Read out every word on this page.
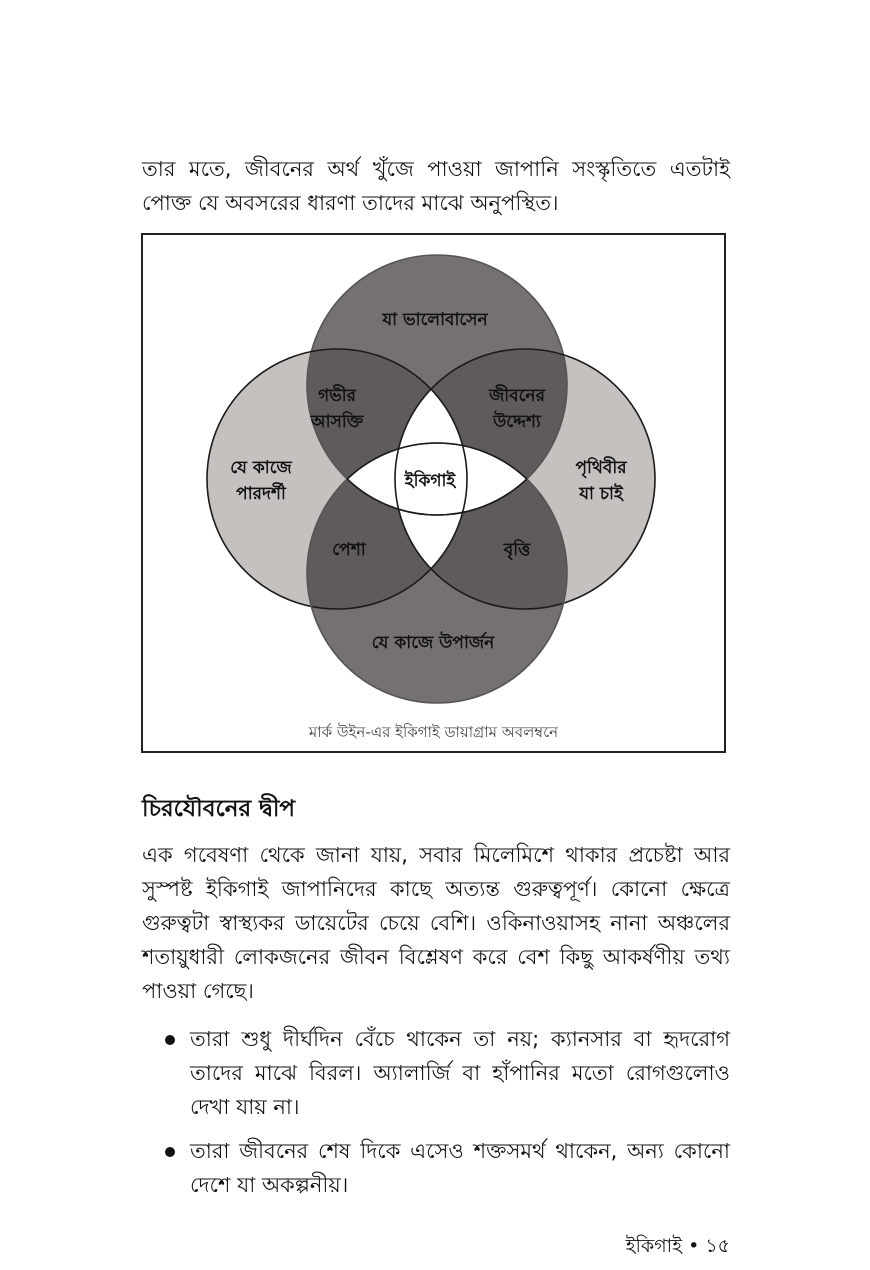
তার মতে, জীবনের অর্থ খুঁজে পাওয়া জাপানি সংস্কৃতিতে এতটাই পোক্ত যে অবসরের ধারণা তাদের মাঝে অনুপস্থিত।

যা ভালোবাসেন
গভীর
আসক্তি
জীবনের
উদ্দেশ্য
যে কাজে
পারদর্শী
পৃথিবীর
যা চাই
ইকিগাই
পেশা	বৃত্তি
যে কাজে উপার্জন
মার্ক উইন-এর ইকিগাই ডায়াগ্রাম অবলম্বনে
চিরযৌবনের দ্বীপ

এক গবেষণা থেকে জানা যায়, সবার মিলেমিশে থাকার প্রচেষ্টা আর সুস্পষ্ট ইকিগাই জাপানিদের কাছে অত্যন্ত গুরুত্বপূর্ণ। কোনো ক্ষেত্রে গুরুত্বটা স্বাস্থ্যকর ডায়েটের চেয়ে বেশি। ওকিনাওয়াসহ নানা অঞ্চলের শতায়ুধারী লোকজনের জীবন বিশ্লেষণ করে বেশ কিছু আকর্ষণীয় তথ্য পাওয়া গেছে।

তারা শুধু দীর্ঘদিন বেঁচে থাকেন তা নয়; ক্যানসার বা হৃদরোগ তাদের মাঝে বিরল। অ্যালার্জি বা হাঁপানির মতো রোগগুলোও দেখা যায় না।
তারা জীবনের শেষ দিকে এসেও শক্তসমর্থ থাকেন, অন্য কোনো দেশে যা অকল্পনীয়।
ইকিগাই • ১৫
